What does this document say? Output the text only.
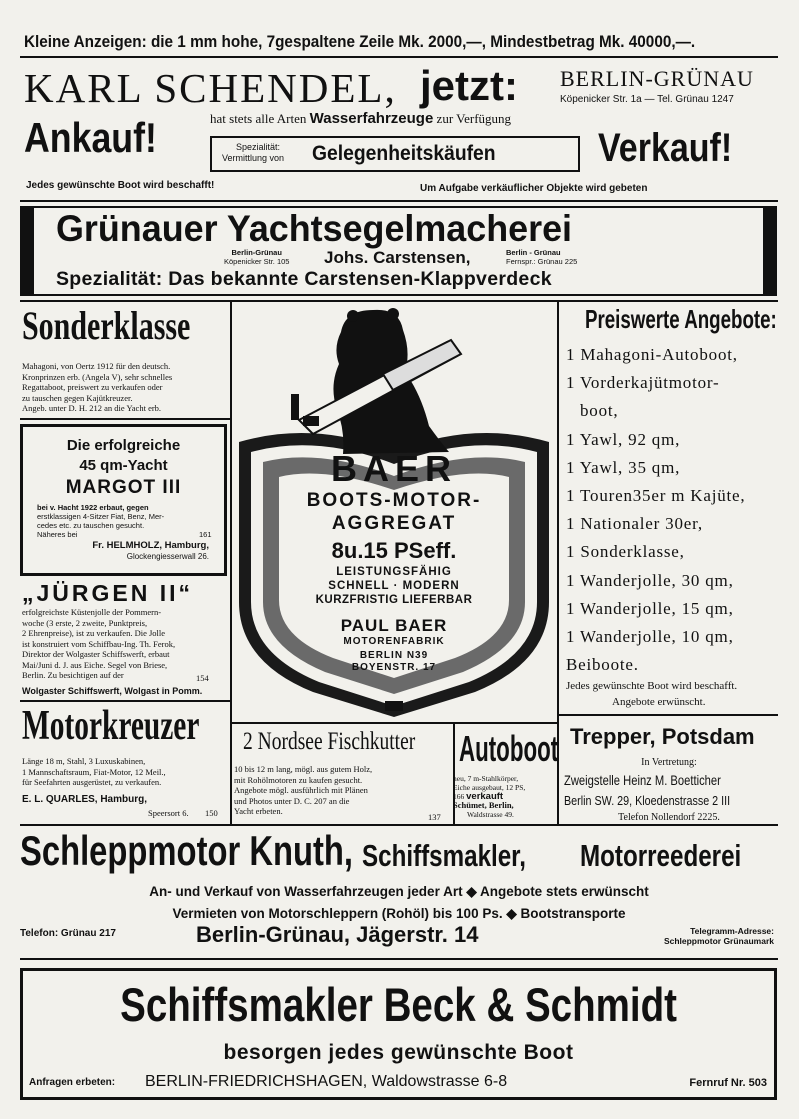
Kleine Anzeigen: die 1 mm hohe, 7gespaltene Zeile Mk. 2000,—, Mindestbetrag Mk. 40000,—.
KARL SCHENDEL, jetzt: BERLIN-GRÜNAU
Köpenicker Str. 1a — Tel. Grünau 1247
Ankauf!	Verkauf!
hat stets alle Arten Wasserfahrzeuge zur Verfügung
Spezialität:
Vermittlung von Gelegenheitskäufen
Jedes gewünschte Boot wird beschafft!	Um Aufgabe verkäuflicher Objekte wird gebeten
Grünauer Yachtsegelmacherei
Berlin-Grünau
Köpenicker Str. 105 Johs. Carstensen,	Berlin - Grünau
Fernspr.: Grünau 225
Spezialität: Das bekannte Carstensen-Klappverdeck
Sonderklasse
Mahagoni, von Oertz 1912 für den deutsch.
Kronprinzen erb. (Angela V), sehr schnelles
Regattaboot, preiswert zu verkaufen oder
zu tauschen gegen Kajütkreuzer.
Angeb. unter D. H. 212 an die Yacht erb.
Die erfolgreiche
45 qm-Yacht
MARGOT III
bei v. Hacht 1922 erbaut, gegen
erstklassigen 4-Sitzer Fiat, Benz, Mer-
cedes etc. zu tauschen gesucht.
Näheres bei	161
Fr. HELMHOLZ, Hamburg,
Glockengiesserwall 26.
„JÜRGEN II“
erfolgreichste Küstenjolle der Pommern-
woche (3 erste, 2 zweite, Punktpreis,
2 Ehrenpreise), ist zu verkaufen. Die Jolle
ist konstruiert vom Schiffbau-Ing. Th. Ferok,
Direktor der Wolgaster Schiffswerft, erbaut
Mai/Juni d. J. aus Eiche. Segel von Briese,
Berlin. Zu besichtigen auf der	154
Wolgaster Schiffswerft, Wolgast in Pomm.
BAER
BOOTS-MOTOR-
AGGREGAT
8u.15 PSeff.
LEISTUNGSFÄHIG
SCHNELL · MODERN
KURZFRISTIG LIEFERBAR
PAUL BAER
MOTORENFABRIK
BERLIN N39
BOYENSTR. 17
Preiswerte Angebote:
1 Mahagoni-Autoboot,
1 Vorderkajütmotor-
boot,
1 Yawl, 92 qm,
1 Yawl, 35 qm,
1 Touren35er m Kajüte,
1 Nationaler 30er,
1 Sonderklasse,
1 Wanderjolle, 30 qm,
1 Wanderjolle, 15 qm,
1 Wanderjolle, 10 qm,
Beiboote.
Jedes gewünschte Boot wird beschafft.
Angebote erwünscht.
Motorkreuzer
Länge 18 m, Stahl, 3 Luxuskabinen,
1 Mannschaftsraum, Fiat-Motor, 12 Meil.,
für Seefahrten ausgerüstet, zu verkaufen.
E. L. QUARLES, Hamburg,
Speersort 6. 150
2 Nordsee Fischkutter
10 bis 12 m lang, mögl. aus gutem Holz,
mit Rohölmotoren zu kaufen gesucht.
Angebote mögl. ausführlich mit Plänen
und Photos unter D. C. 207 an die
Yacht erbeten.
137
Autoboot
neu, 7 m-Stahlkörper,
Eiche ausgebaut, 12 PS,
166 verkauft
Schümet, Berlin,
Waldstrasse 49.
Trepper, Potsdam
In Vertretung:
Zweigstelle Heinz M. Boetticher
Berlin SW. 29, Kloedenstrasse 2 III
Telefon Nollendorf 2225.
Schleppmotor Knuth, Schiffsmakler,	Motorreederei
An- und Verkauf von Wasserfahrzeugen jeder Art ◆ Angebote stets erwünscht
Vermieten von Motorschleppern (Rohöl) bis 100 Ps. ◆ Bootstransporte
Telefon: Grünau 217	Berlin-Grünau, Jägerstr. 14	Telegramm-Adresse:
Schleppmotor Grünaumark
Schiffsmakler Beck & Schmidt
besorgen jedes gewünschte Boot
Anfragen erbeten: BERLIN-FRIEDRICHSHAGEN, Waldowstrasse 6-8	Fernruf Nr. 503
